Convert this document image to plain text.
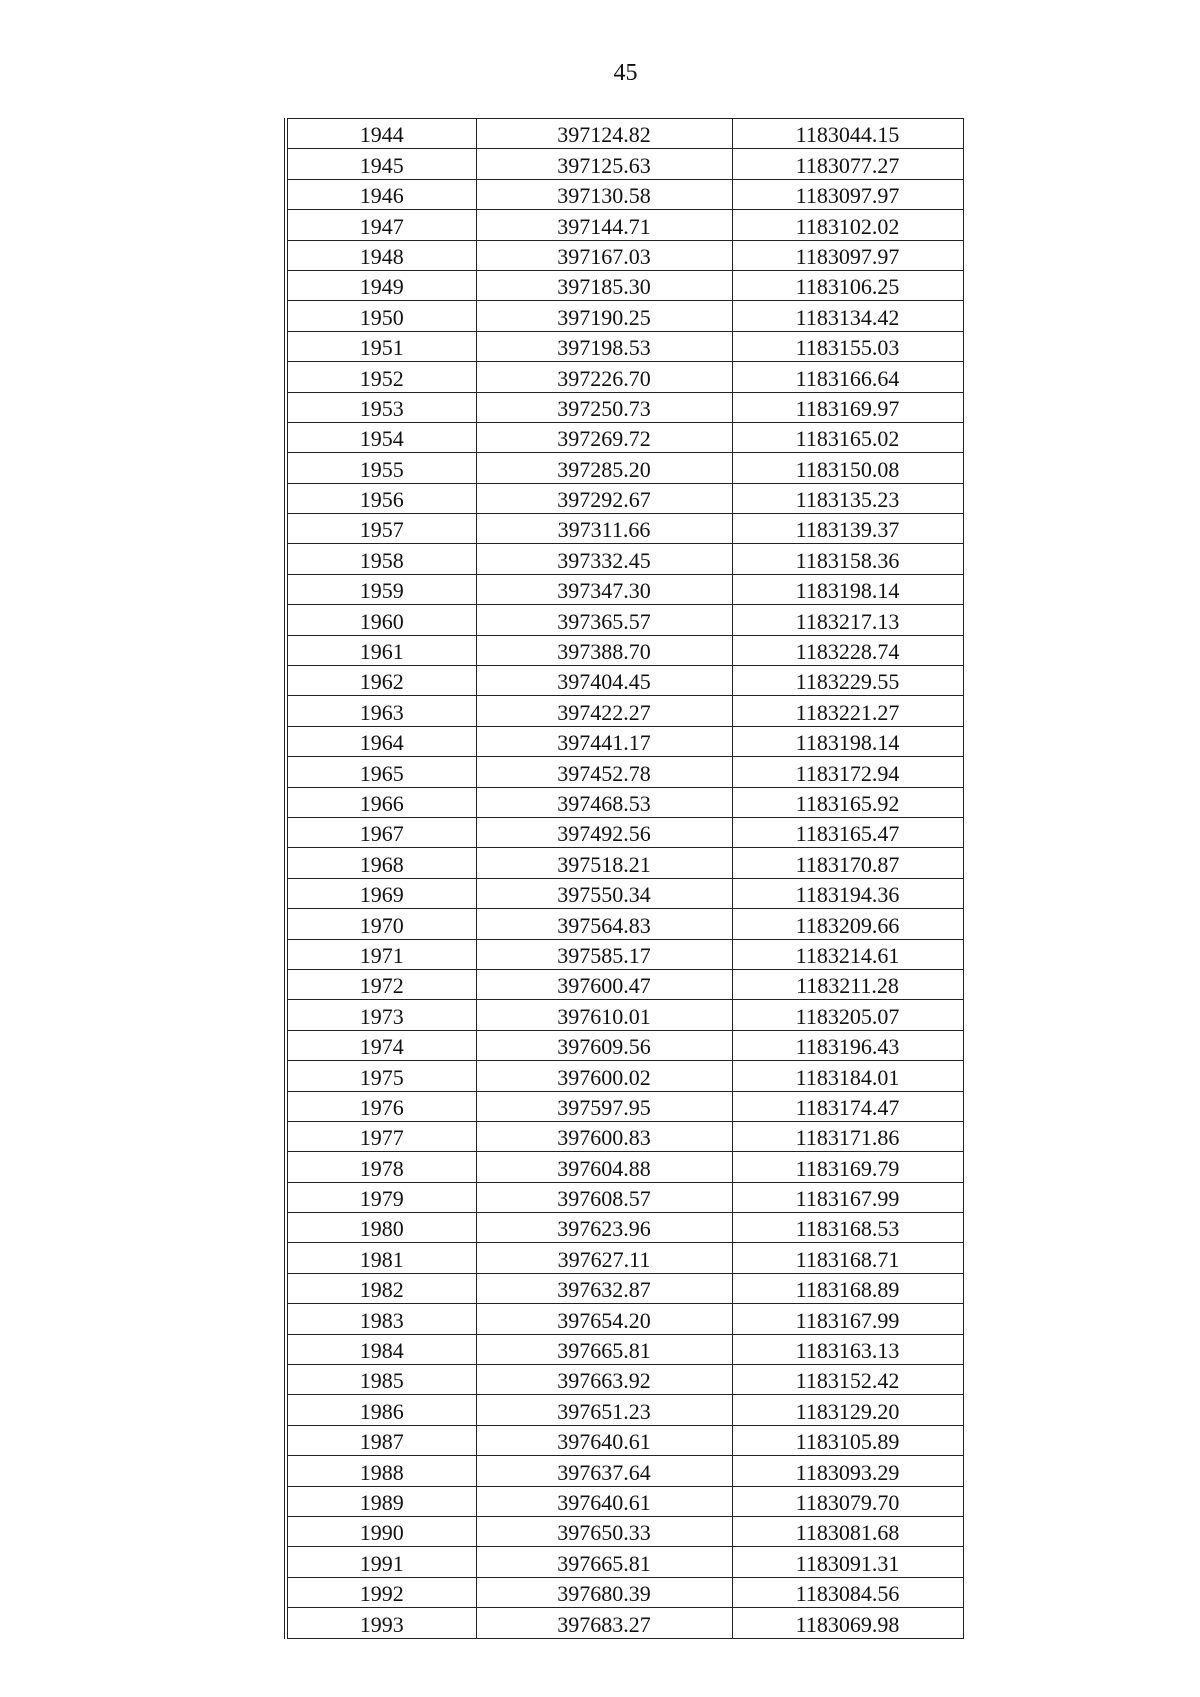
45
1944	397124.82	1183044.15
1945	397125.63	1183077.27
1946	397130.58	1183097.97
1947	397144.71	1183102.02
1948	397167.03	1183097.97
1949	397185.30	1183106.25
1950	397190.25	1183134.42
1951	397198.53	1183155.03
1952	397226.70	1183166.64
1953	397250.73	1183169.97
1954	397269.72	1183165.02
1955	397285.20	1183150.08
1956	397292.67	1183135.23
1957	397311.66	1183139.37
1958	397332.45	1183158.36
1959	397347.30	1183198.14
1960	397365.57	1183217.13
1961	397388.70	1183228.74
1962	397404.45	1183229.55
1963	397422.27	1183221.27
1964	397441.17	1183198.14
1965	397452.78	1183172.94
1966	397468.53	1183165.92
1967	397492.56	1183165.47
1968	397518.21	1183170.87
1969	397550.34	1183194.36
1970	397564.83	1183209.66
1971	397585.17	1183214.61
1972	397600.47	1183211.28
1973	397610.01	1183205.07
1974	397609.56	1183196.43
1975	397600.02	1183184.01
1976	397597.95	1183174.47
1977	397600.83	1183171.86
1978	397604.88	1183169.79
1979	397608.57	1183167.99
1980	397623.96	1183168.53
1981	397627.11	1183168.71
1982	397632.87	1183168.89
1983	397654.20	1183167.99
1984	397665.81	1183163.13
1985	397663.92	1183152.42
1986	397651.23	1183129.20
1987	397640.61	1183105.89
1988	397637.64	1183093.29
1989	397640.61	1183079.70
1990	397650.33	1183081.68
1991	397665.81	1183091.31
1992	397680.39	1183084.56
1993	397683.27	1183069.98
